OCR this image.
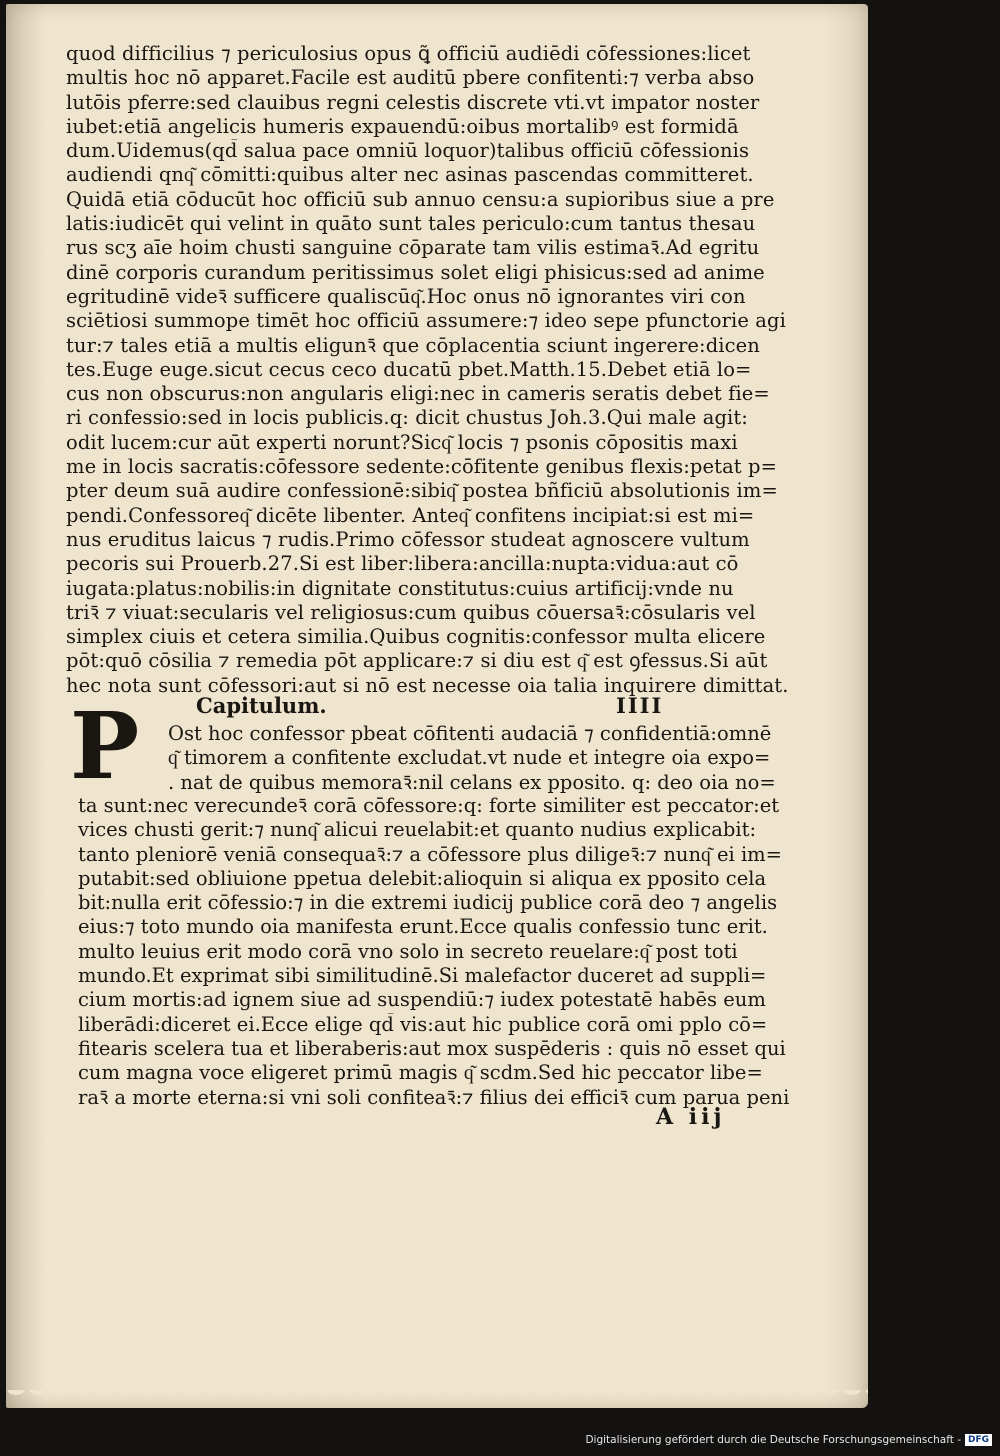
quod difficilius ⁊ periculosius opus ꝗ̃ officiū audiēdi cōfessiones:licet
multis hoc nō apparet.Facile est auditū pbere confitenti:⁊ verba abso
lutōis pferre:sed clauibus regni celestis discrete vti.vt impator noster
iubet:etiā angelicis humeris expauendū:oibus mortalibꝰ est formidā
dum.Uidemus(qd̄ salua pace omniū loquor)talibus officiū cōfessionis
audiendi qnq͂ cōmitti:quibus alter nec asinas pascendas committeret.
Quidā etiā cōducūt hoc officiū sub annuo censu:a supioribus siue a pre
latis:iudicēt qui velint in quāto sunt tales periculo:cum tantus thesau
rus scʒ aīe hoim chusti sanguine cōparate tam vilis estimaꝛ̄.Ad egritu
dinē corporis curandum peritissimus solet eligi phisicus:sed ad anime
egritudinē videꝛ̄ sufficere qualiscūq͂.Hoc onus nō ignorantes viri con
sciētiosi summope timēt hoc officiū assumere:⁊ ideo sepe pfunctorie agi
tur:⁊ tales etiā a multis eligunꝛ̄ que cōplacentia sciunt ingerere:dicen
tes.Euge euge.sicut cecus ceco ducatū pbet.Matth.15.Debet etiā lo=
cus non obscurus:non angularis eligi:nec in cameris seratis debet fie=
ri confessio:sed in locis publicis.q: dicit chustus Joh.3.Qui male agit:
odit lucem:cur aūt experti norunt?Sicq͂ locis ⁊ psonis cōpositis maxi
me in locis sacratis:cōfessore sedente:cōfitente genibus flexis:petat p=
pter deum suā audire confessionē:sibiq͂ postea bñficiū absolutionis im=
pendi.Confessoreq͂ dicēte libenter. Anteq͂ confitens incipiat:si est mi=
nus eruditus laicus ⁊ rudis.Primo cōfessor studeat agnoscere vultum
pecoris sui Prouerb.27.Si est liber:libera:ancilla:nupta:vidua:aut cō
iugata:platus:nobilis:in dignitate constitutus:cuius artificij:vnde nu
triꝛ̄ ⁊ viuat:secularis vel religiosus:cum quibus cōuersaꝛ̄:cōsularis vel
simplex ciuis et cetera similia.Quibus cognitis:confessor multa elicere
pōt:quō cōsilia ⁊ remedia pōt applicare:⁊ si diu est q͂ est ꝯfessus.Si aūt
hec nota sunt cōfessori:aut si nō est necesse oia talia inquirere dimittat.
Capitulum.	IIII
P	Ost hoc confessor pbeat cōfitenti audaciā ⁊ confidentiā:omnē
q͂ timorem a confitente excludat.vt nude et integre oia expo=
. nat de quibus memoraꝛ̄:nil celans ex pposito. q: deo oia no=
ta sunt:nec verecundeꝛ̄ corā cōfessore:q: forte similiter est peccator:et
vices chusti gerit:⁊ nunq͂ alicui reuelabit:et quanto nudius explicabit:
tanto pleniorē veniā consequaꝛ̄:⁊ a cōfessore plus diligeꝛ̄:⁊ nunq͂ ei im=
putabit:sed obliuione ppetua delebit:alioquin si aliqua ex pposito cela
bit:nulla erit cōfessio:⁊ in die extremi iudicij publice corā deo ⁊ angelis
eius:⁊ toto mundo oia manifesta erunt.Ecce qualis confessio tunc erit.
multo leuius erit modo corā vno solo in secreto reuelare:q͂ post toti
mundo.Et exprimat sibi similitudinē.Si malefactor duceret ad suppli=
cium mortis:ad ignem siue ad suspendiū:⁊ iudex potestatē habēs eum
liberādi:diceret ei.Ecce elige qd̄ vis:aut hic publice corā omi pplo cō=
fitearis scelera tua et liberaberis:aut mox suspēderis : quis nō esset qui
cum magna voce eligeret primū magis q͂ scdm.Sed hic peccator libe=
raꝛ̄ a morte eterna:si vni soli confiteaꝛ̄:⁊ filius dei efficiꝛ̄ cum parua peni
A iij
Digitalisierung gefördert durch die Deutsche Forschungsgemeinschaft - DFG
